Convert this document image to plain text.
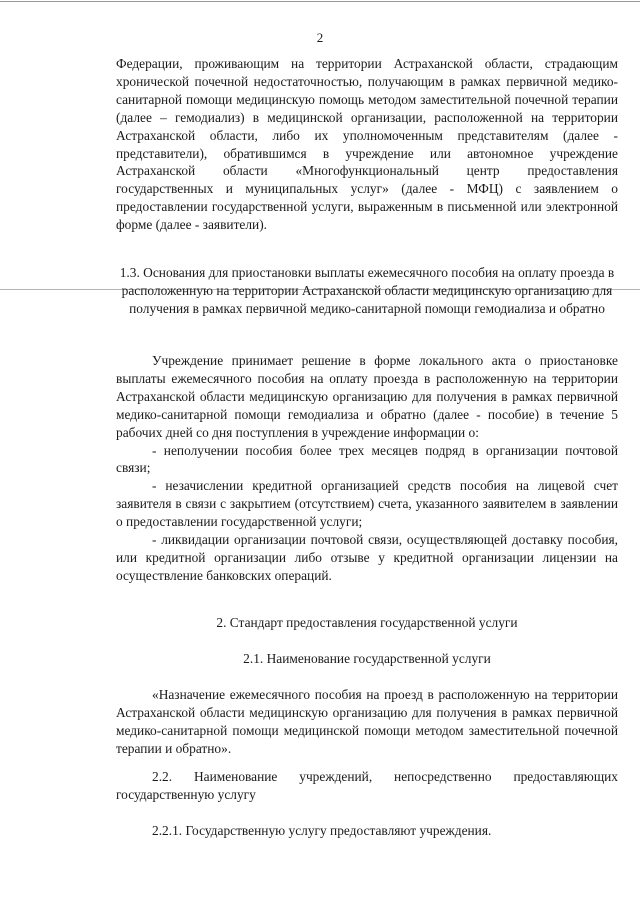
2

Федерации, проживающим на территории Астраханской области, страдающим хронической почечной недостаточностью, получающим в рамках первичной медико-санитарной помощи медицинскую помощь методом заместительной почечной терапии (далее – гемодиализ) в медицинской организации, расположенной на территории Астраханской области, либо их уполномоченным представителям (далее - представители), обратившимся в учреждение или автономное учреждение Астраханской области «Многофункциональный центр предоставления государственных и муниципальных услуг» (далее - МФЦ) с заявлением о предоставлении государственной услуги, выраженным в письменной или электронной форме (далее - заявители).

1.3. Основания для приостановки выплаты ежемесячного пособия на оплату проезда в расположенную на территории Астраханской области медицинскую организацию для получения в рамках первичной медико-санитарной помощи гемодиализа и обратно

Учреждение принимает решение в форме локального акта о приостановке выплаты ежемесячного пособия на оплату проезда в расположенную на территории Астраханской области медицинскую организацию для получения в рамках первичной медико-санитарной помощи гемодиализа и обратно (далее - пособие) в течение 5 рабочих дней со дня поступления в учреждение информации о:

- неполучении пособия более трех месяцев подряд в организации почтовой связи;

- незачислении кредитной организацией средств пособия на лицевой счет заявителя в связи с закрытием (отсутствием) счета, указанного заявителем в заявлении о предоставлении государственной услуги;

- ликвидации организации почтовой связи, осуществляющей доставку пособия, или кредитной организации либо отзыве у кредитной организации лицензии на осуществление банковских операций.

2. Стандарт предоставления государственной услуги

2.1. Наименование государственной услуги

«Назначение ежемесячного пособия на проезд в расположенную на территории Астраханской области медицинскую организацию для получения в рамках первичной медико-санитарной помощи медицинской помощи методом заместительной почечной терапии и обратно».

2.2. Наименование учреждений, непосредственно предоставляющих государственную услугу

2.2.1. Государственную услугу предоставляют учреждения.
